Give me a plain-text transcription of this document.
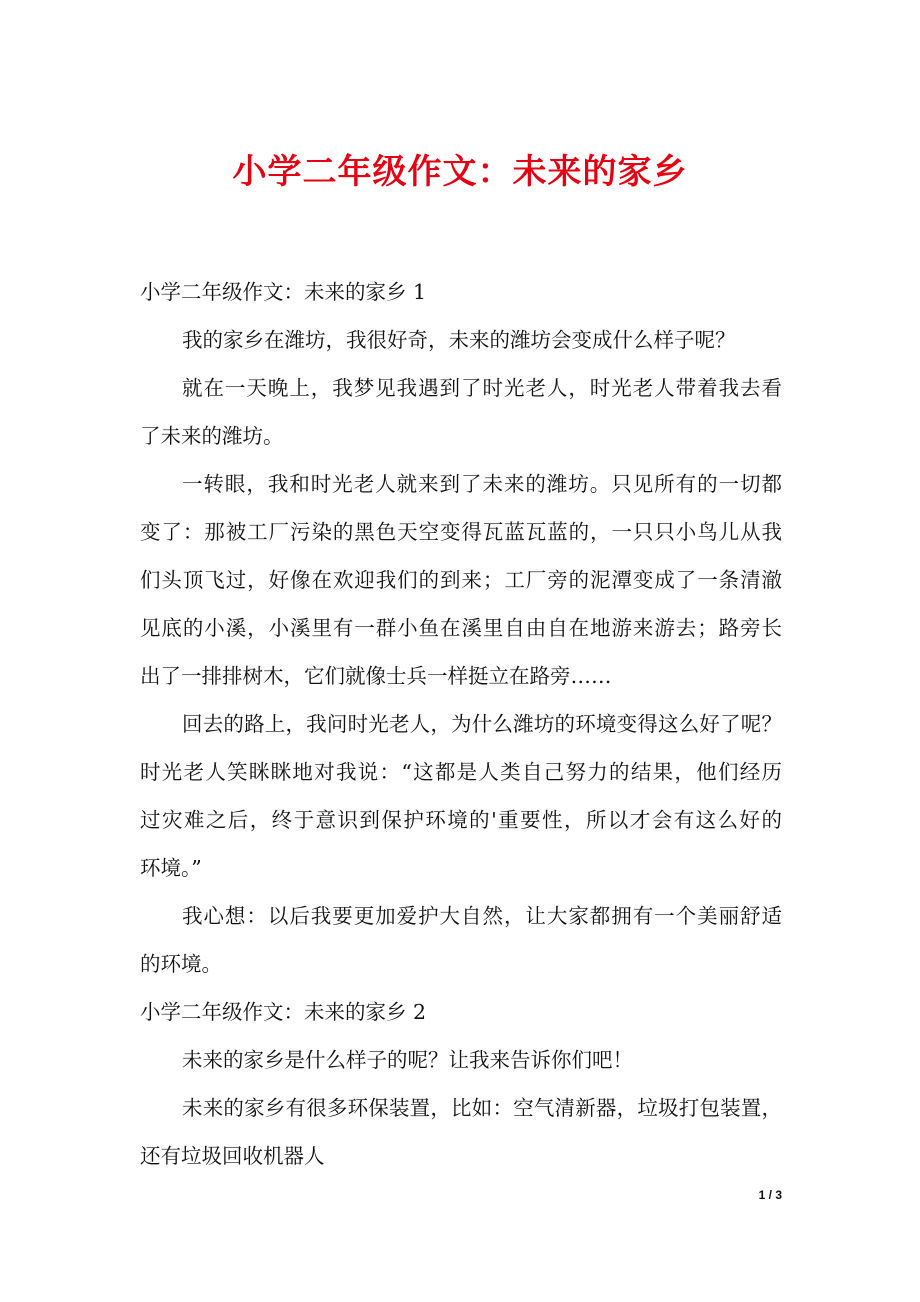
小学二年级作文：未来的家乡
小学二年级作文：未来的家乡 1
我的家乡在潍坊，我很好奇，未来的潍坊会变成什么样子呢？
就在一天晚上，我梦见我遇到了时光老人，时光老人带着我去看
了未来的潍坊。
一转眼，我和时光老人就来到了未来的潍坊。只见所有的一切都
变了：那被工厂污染的黑色天空变得瓦蓝瓦蓝的，一只只小鸟儿从我
们头顶飞过，好像在欢迎我们的到来；工厂旁的泥潭变成了一条清澈
见底的小溪，小溪里有一群小鱼在溪里自由自在地游来游去；路旁长
出了一排排树木，它们就像士兵一样挺立在路旁……
回去的路上，我问时光老人，为什么潍坊的环境变得这么好了呢？
时光老人笑眯眯地对我说：“这都是人类自己努力的结果，他们经历
过灾难之后，终于意识到保护环境的'重要性，所以才会有这么好的
环境。”
我心想：以后我要更加爱护大自然，让大家都拥有一个美丽舒适
的环境。
小学二年级作文：未来的家乡 2
未来的家乡是什么样子的呢？让我来告诉你们吧！
未来的家乡有很多环保装置，比如：空气清新器，垃圾打包装置，
还有垃圾回收机器人
1 / 3
